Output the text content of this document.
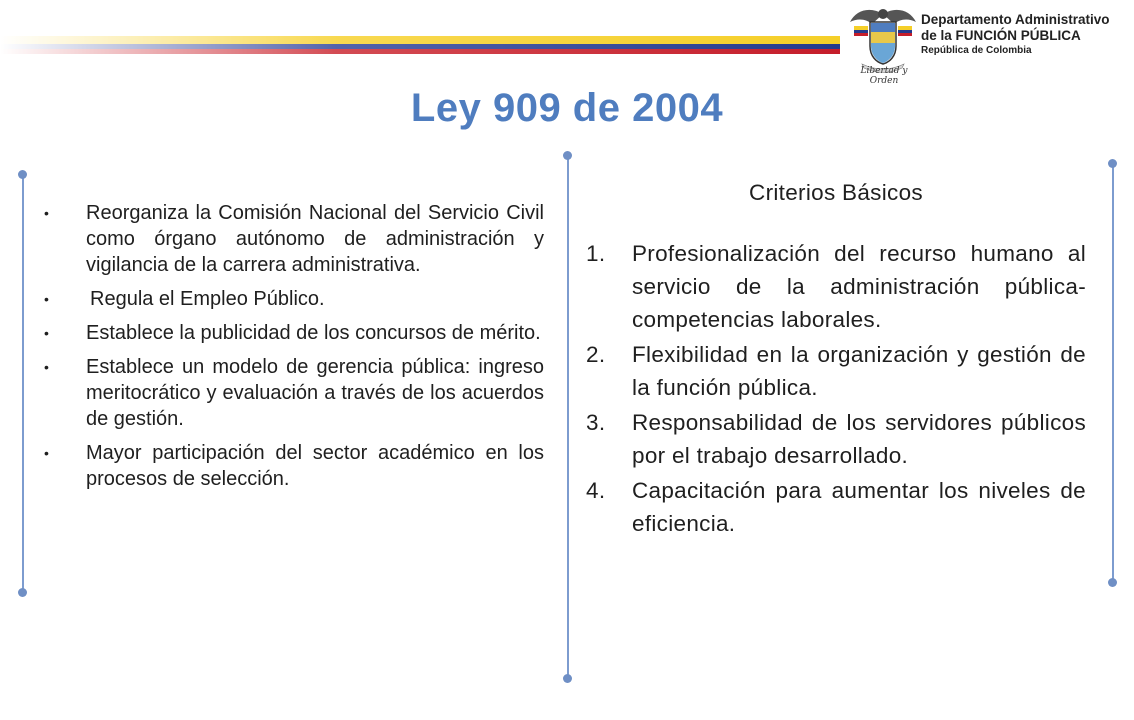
Libertad y Orden
Departamento Administrativo
de la FUNCIÓN PÚBLICA
República de Colombia
Ley 909 de 2004
• Reorganiza la Comisión Nacional del Servicio Civil como órgano autónomo de administración y vigilancia de la carrera administrativa.
• Regula el Empleo Público.
• Establece la publicidad de los concursos de mérito.
• Establece un modelo de gerencia pública: ingreso meritocrático y evaluación a través de los acuerdos de gestión.
• Mayor participación del sector académico en los procesos de selección.
Criterios Básicos
1. Profesionalización del recurso humano al servicio de la administración pública- competencias laborales.
2. Flexibilidad en la organización y gestión de la función pública.
3. Responsabilidad de los servidores públicos por el trabajo desarrollado.
4. Capacitación para aumentar los niveles de eficiencia.
